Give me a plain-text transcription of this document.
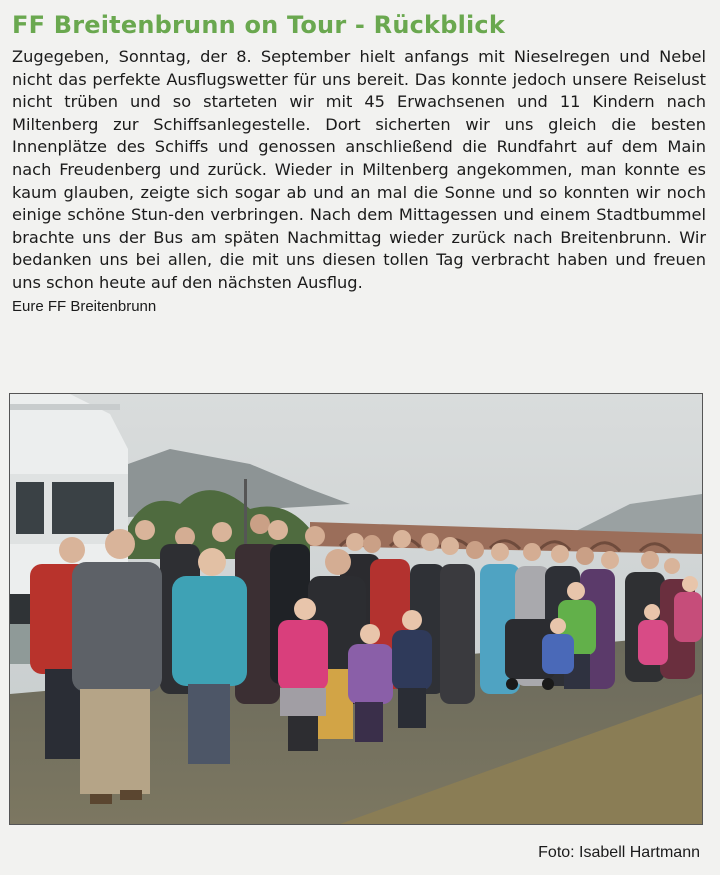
FF Breitenbrunn on Tour - Rückblick

Zugegeben, Sonntag, der 8. September hielt anfangs mit Nieselregen und Nebel nicht das perfekte Ausflugswetter für uns bereit. Das konnte jedoch unsere Reiselust nicht trüben und so starteten wir mit 45 Erwachsenen und 11 Kindern nach Miltenberg zur Schiffsanlegestelle. Dort sicherten wir uns gleich die besten Innenplätze des Schiffs und genossen anschließend die Rundfahrt auf dem Main nach Freudenberg und zurück. Wieder in Miltenberg angekommen, man konnte es kaum glauben, zeigte sich sogar ab und an mal die Sonne und so konnten wir noch einige schöne Stun-den verbringen. Nach dem Mittagessen und einem Stadtbummel brachte uns der Bus am späten Nachmittag wieder zurück nach Breitenbrunn. Wir bedanken uns bei allen, die mit uns diesen tollen Tag verbracht haben und freuen uns schon heute auf den nächsten Ausflug.

Eure FF Breitenbrunn

Foto: Isabell Hartmann
